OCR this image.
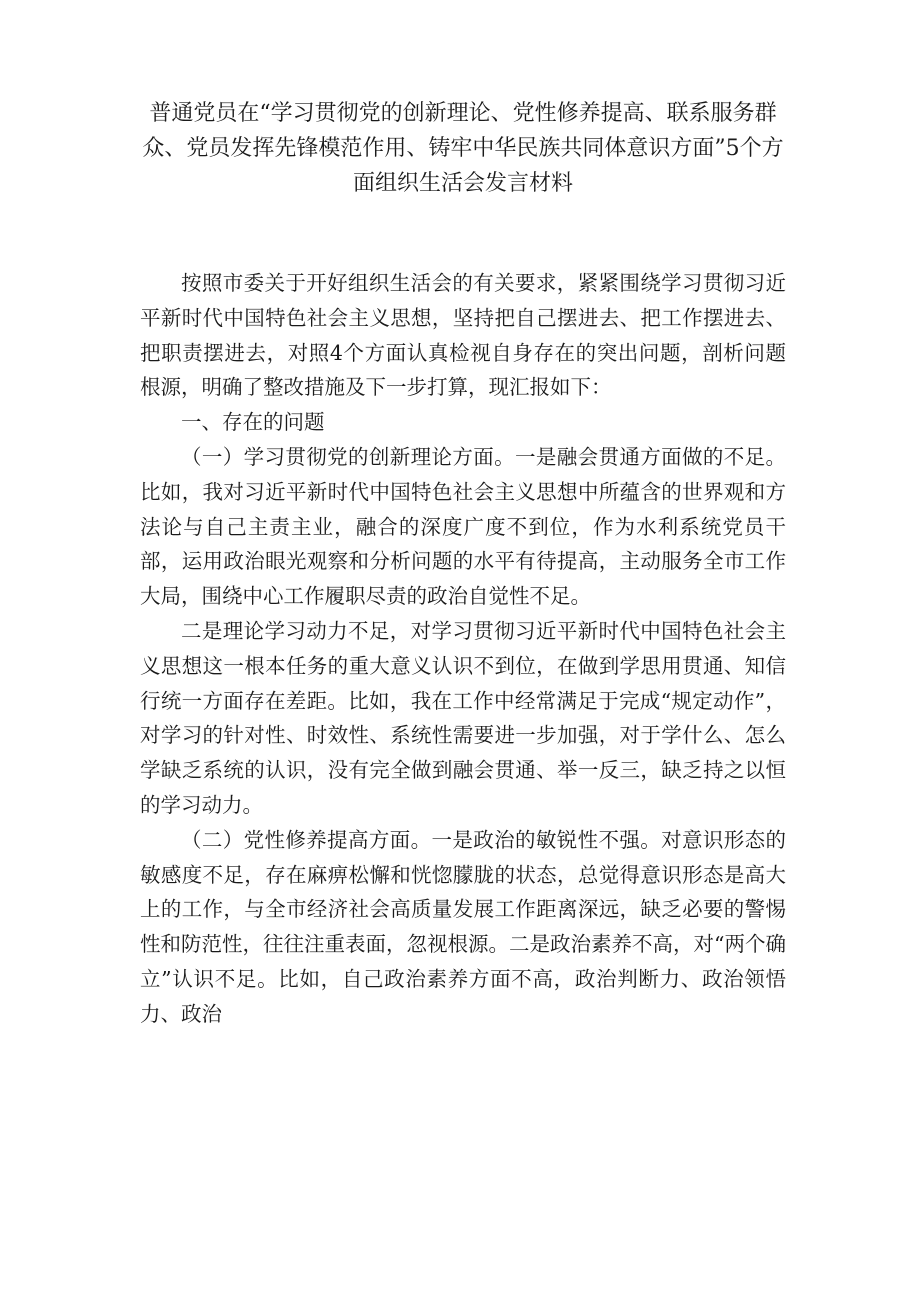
普通党员在“学习贯彻党的创新理论、党性修养提高、联系服务群
众、党员发挥先锋模范作用、铸牢中华民族共同体意识方面”5个方
面组织生活会发言材料

按照市委关于开好组织生活会的有关要求，紧紧围绕学习贯彻习近平新时代中国特色社会主义思想，坚持把自己摆进去、把工作摆进去、把职责摆进去，对照4个方面认真检视自身存在的突出问题，剖析问题根源，明确了整改措施及下一步打算，现汇报如下：

一、存在的问题

（一）学习贯彻党的创新理论方面。一是融会贯通方面做的不足。比如，我对习近平新时代中国特色社会主义思想中所蕴含的世界观和方法论与自己主责主业，融合的深度广度不到位，作为水利系统党员干部，运用政治眼光观察和分析问题的水平有待提高，主动服务全市工作大局，围绕中心工作履职尽责的政治自觉性不足。

二是理论学习动力不足，对学习贯彻习近平新时代中国特色社会主义思想这一根本任务的重大意义认识不到位，在做到学思用贯通、知信行统一方面存在差距。比如，我在工作中经常满足于完成“规定动作”，对学习的针对性、时效性、系统性需要进一步加强，对于学什么、怎么学缺乏系统的认识，没有完全做到融会贯通、举一反三，缺乏持之以恒的学习动力。

（二）党性修养提高方面。一是政治的敏锐性不强。对意识形态的敏感度不足，存在麻痹松懈和恍惚朦胧的状态，总觉得意识形态是高大上的工作，与全市经济社会高质量发展工作距离深远，缺乏必要的警惕性和防范性，往往注重表面，忽视根源。二是政治素养不高，对“两个确立”认识不足。比如，自己政治素养方面不高，政治判断力、政治领悟力、政治
